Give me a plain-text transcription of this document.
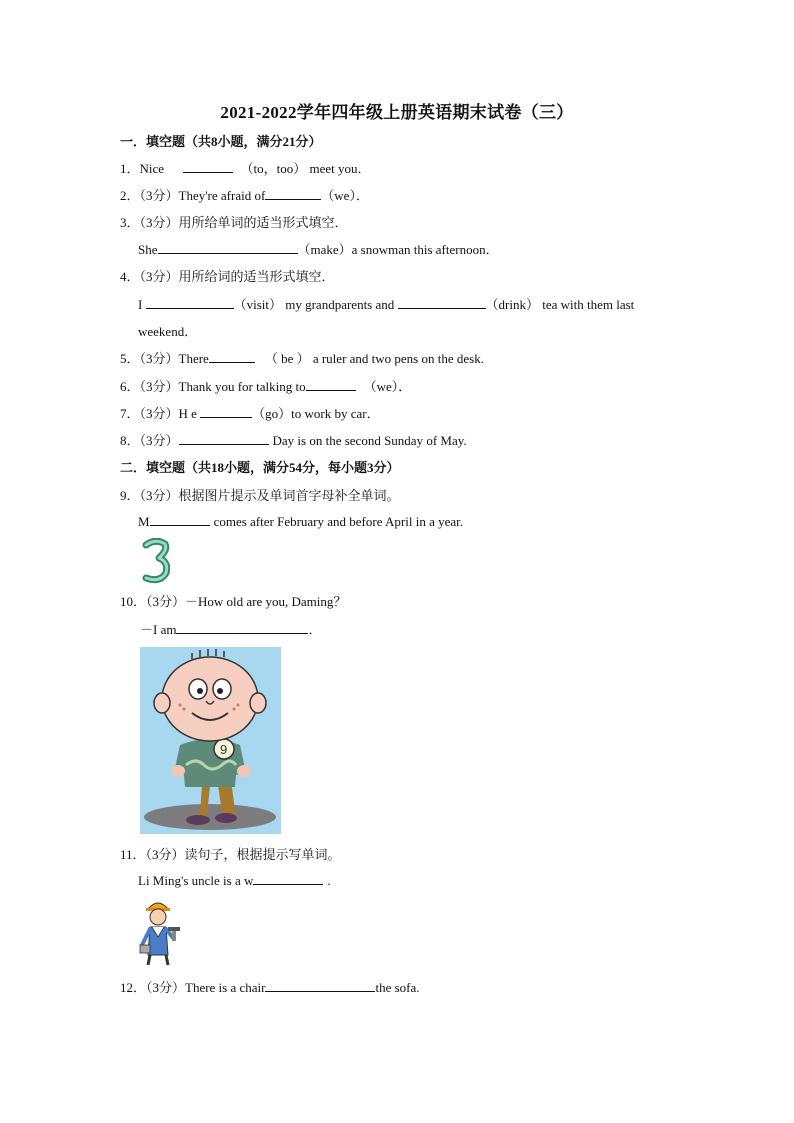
2021-2022学年四年级上册英语期末试卷（三）
一．填空题（共8小题，满分21分）
1．Nice	（to，too） meet you．
2．（3分）They're afraid of	（we）．
3．（3分）用所给单词的适当形式填空．
She	（make）a snowman this afternoon．
4．（3分）用所给词的适当形式填空．
I	（visit） my grandparents and	（drink） tea with them last
weekend．
5．（3分）There	（ be ） a ruler and two pens on the desk.
6．（3分）Thank you for talking to	（we）．
7．（3分）H e	（go）to work by car．
8．（3分）	Day is on the second Sunday of May.
二．填空题（共18小题，满分54分，每小题3分）
9．（3分）根据图片提示及单词首字母补全单词。
M	comes after February and before April in a year.
3
10．（3分）－How old are you, Daming？
－I am	．
9
11．（3分）读句子，根据提示写单词。
Li Ming's uncle is a w	.
12．（3分）There is a chair	the sofa.
